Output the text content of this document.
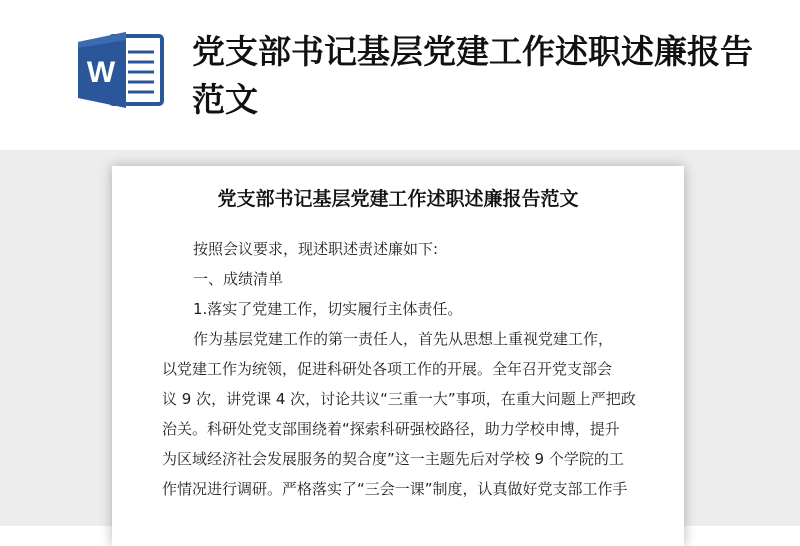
W
党支部书记基层党建工作述职述廉报告范文
党支部书记基层党建工作述职述廉报告范文

按照会议要求，现述职述责述廉如下:

一、成绩清单

1.落实了党建工作，切实履行主体责任。

作为基层党建工作的第一责任人，首先从思想上重视党建工作，

以党建工作为统领，促进科研处各项工作的开展。全年召开党支部会

议 9 次，讲党课 4 次，讨论共议“三重一大”事项，在重大问题上严把政

治关。科研处党支部围绕着“探索科研强校路径，助力学校申博，提升

为区域经济社会发展服务的契合度”这一主题先后对学校 9 个学院的工

作情况进行调研。严格落实了“三会一课”制度，认真做好党支部工作手
